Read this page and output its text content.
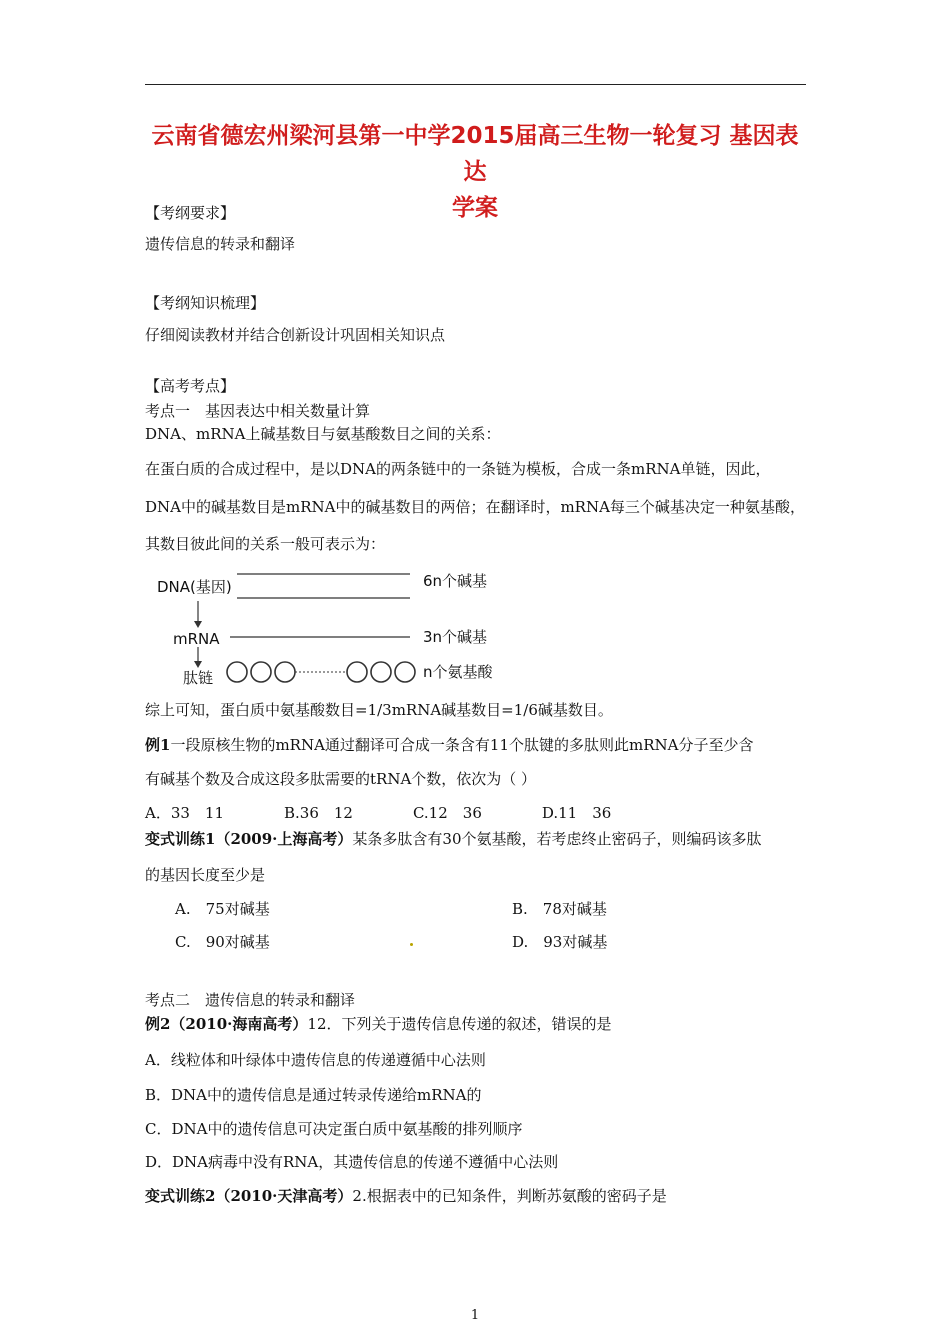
云南省德宏州梁河县第一中学2015届高三生物一轮复习 基因表达
学案
【考纲要求】
遗传信息的转录和翻译
【考纲知识梳理】
仔细阅读教材并结合创新设计巩固相关知识点
【高考考点】
考点一　基因表达中相关数量计算
DNA、mRNA上碱基数目与氨基酸数目之间的关系：
在蛋白质的合成过程中，是以DNA的两条链中的一条链为模板，合成一条mRNA单链，因此，
DNA中的碱基数目是mRNA中的碱基数目的两倍；在翻译时，mRNA每三个碱基决定一种氨基酸，
其数目彼此间的关系一般可表示为：
DNA(基因)	6n个碱基
mRNA	3n个碱基
肽链	n个氨基酸
综上可知，蛋白质中氨基酸数目=1/3mRNA碱基数目=1/6碱基数目。
例1一段原核生物的mRNA通过翻译可合成一条含有11个肽键的多肽则此mRNA分子至少含
有碱基个数及合成这段多肽需要的tRNA个数，依次为（ ）
A．33　11　　　　B.36　12　　　　C.12　36　　　　D.11　36
变式训练1（2009·上海高考）某条多肽含有30个氨基酸，若考虑终止密码子，则编码该多肽
的基因长度至少是
A.　75对碱基	B.　78对碱基
C.　90对碱基	D.　93对碱基
考点二　遗传信息的转录和翻译
例2（2010·海南高考）12．下列关于遗传信息传递的叙述，错误的是
A．线粒体和叶绿体中遗传信息的传递遵循中心法则
B．DNA中的遗传信息是通过转录传递给mRNA的
C．DNA中的遗传信息可决定蛋白质中氨基酸的排列顺序
D．DNA病毒中没有RNA，其遗传信息的传递不遵循中心法则
变式训练2（2010·天津高考）2.根据表中的已知条件，判断苏氨酸的密码子是
1
